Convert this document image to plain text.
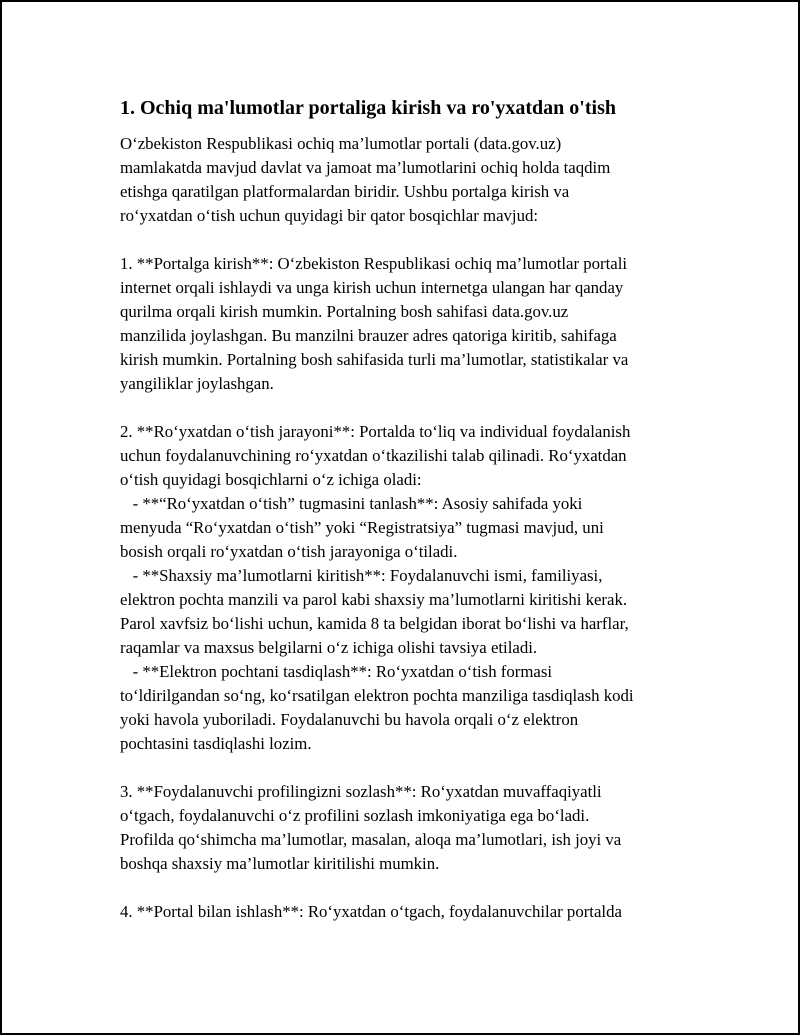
1. Ochiq ma'lumotlar portaliga kirish va ro'yxatdan o'tish
O‘zbekiston Respublikasi ochiq ma’lumotlar portali (data.gov.uz)
mamlakatda mavjud davlat va jamoat ma’lumotlarini ochiq holda taqdim
etishga qaratilgan platformalardan biridir. Ushbu portalga kirish va
ro‘yxatdan o‘tish uchun quyidagi bir qator bosqichlar mavjud:
1. **Portalga kirish**: O‘zbekiston Respublikasi ochiq ma’lumotlar portali
internet orqali ishlaydi va unga kirish uchun internetga ulangan har qanday
qurilma orqali kirish mumkin. Portalning bosh sahifasi data.gov.uz
manzilida joylashgan. Bu manzilni brauzer adres qatoriga kiritib, sahifaga
kirish mumkin. Portalning bosh sahifasida turli ma’lumotlar, statistikalar va
yangiliklar joylashgan.
2. **Ro‘yxatdan o‘tish jarayoni**: Portalda to‘liq va individual foydalanish
uchun foydalanuvchining ro‘yxatdan o‘tkazilishi talab qilinadi. Ro‘yxatdan
o‘tish quyidagi bosqichlarni o‘z ichiga oladi:
- **“Ro‘yxatdan o‘tish” tugmasini tanlash**: Asosiy sahifada yoki
menyuda “Ro‘yxatdan o‘tish” yoki “Registratsiya” tugmasi mavjud, uni
bosish orqali ro‘yxatdan o‘tish jarayoniga o‘tiladi.
- **Shaxsiy ma’lumotlarni kiritish**: Foydalanuvchi ismi, familiyasi,
elektron pochta manzili va parol kabi shaxsiy ma’lumotlarni kiritishi kerak.
Parol xavfsiz bo‘lishi uchun, kamida 8 ta belgidan iborat bo‘lishi va harflar,
raqamlar va maxsus belgilarni o‘z ichiga olishi tavsiya etiladi.
- **Elektron pochtani tasdiqlash**: Ro‘yxatdan o‘tish formasi
to‘ldirilgandan so‘ng, ko‘rsatilgan elektron pochta manziliga tasdiqlash kodi
yoki havola yuboriladi. Foydalanuvchi bu havola orqali o‘z elektron
pochtasini tasdiqlashi lozim.
3. **Foydalanuvchi profilingizni sozlash**: Ro‘yxatdan muvaffaqiyatli
o‘tgach, foydalanuvchi o‘z profilini sozlash imkoniyatiga ega bo‘ladi.
Profilda qo‘shimcha ma’lumotlar, masalan, aloqa ma’lumotlari, ish joyi va
boshqa shaxsiy ma’lumotlar kiritilishi mumkin.
4. **Portal bilan ishlash**: Ro‘yxatdan o‘tgach, foydalanuvchilar portalda
